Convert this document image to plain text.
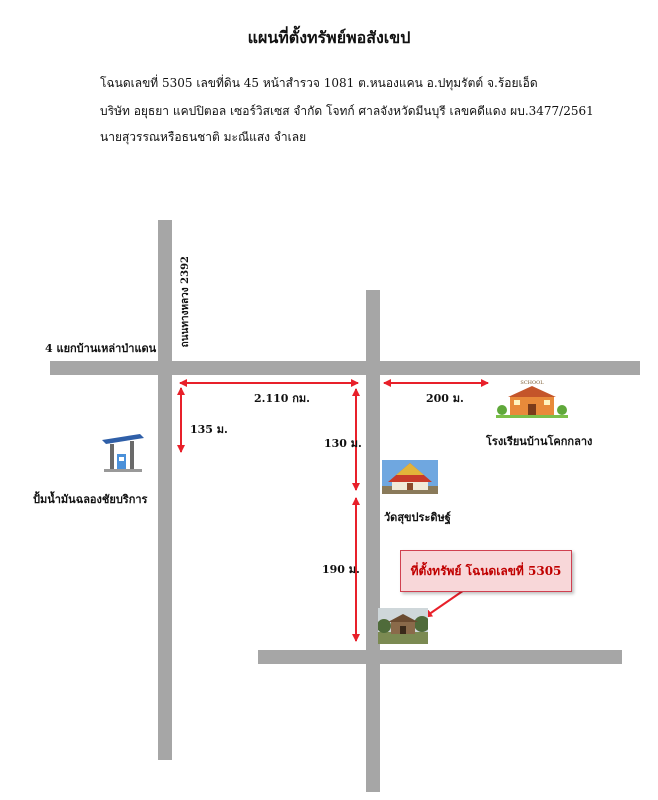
แผนที่ตั้งทรัพย์พอสังเขป
โฉนดเลขที่ 5305 เลขที่ดิน 45 หน้าสำรวจ 1081 ต.หนองแคน อ.ปทุมรัตต์ จ.ร้อยเอ็ด
บริษัท อยุธยา แคปปิตอล เซอร์วิสเซส จำกัด โจทก์ ศาลจังหวัดมีนบุรี เลขคดีแดง ผบ.3477/2561
นายสุวรรณหรือธนชาติ มะณีแสง จำเลย
ถนนทางหลวง 2392
4 แยกบ้านเหล่าป่าแดน
2.110 กม.	200 ม.
135 ม.
130 ม.
190 ม.
SCHOOL
โรงเรียนบ้านโคกกลาง
ปั้มน้ำมันฉลองชัยบริการ
วัดสุขประดิษฐ์
ที่ตั้งทรัพย์ โฉนดเลขที่ 5305
